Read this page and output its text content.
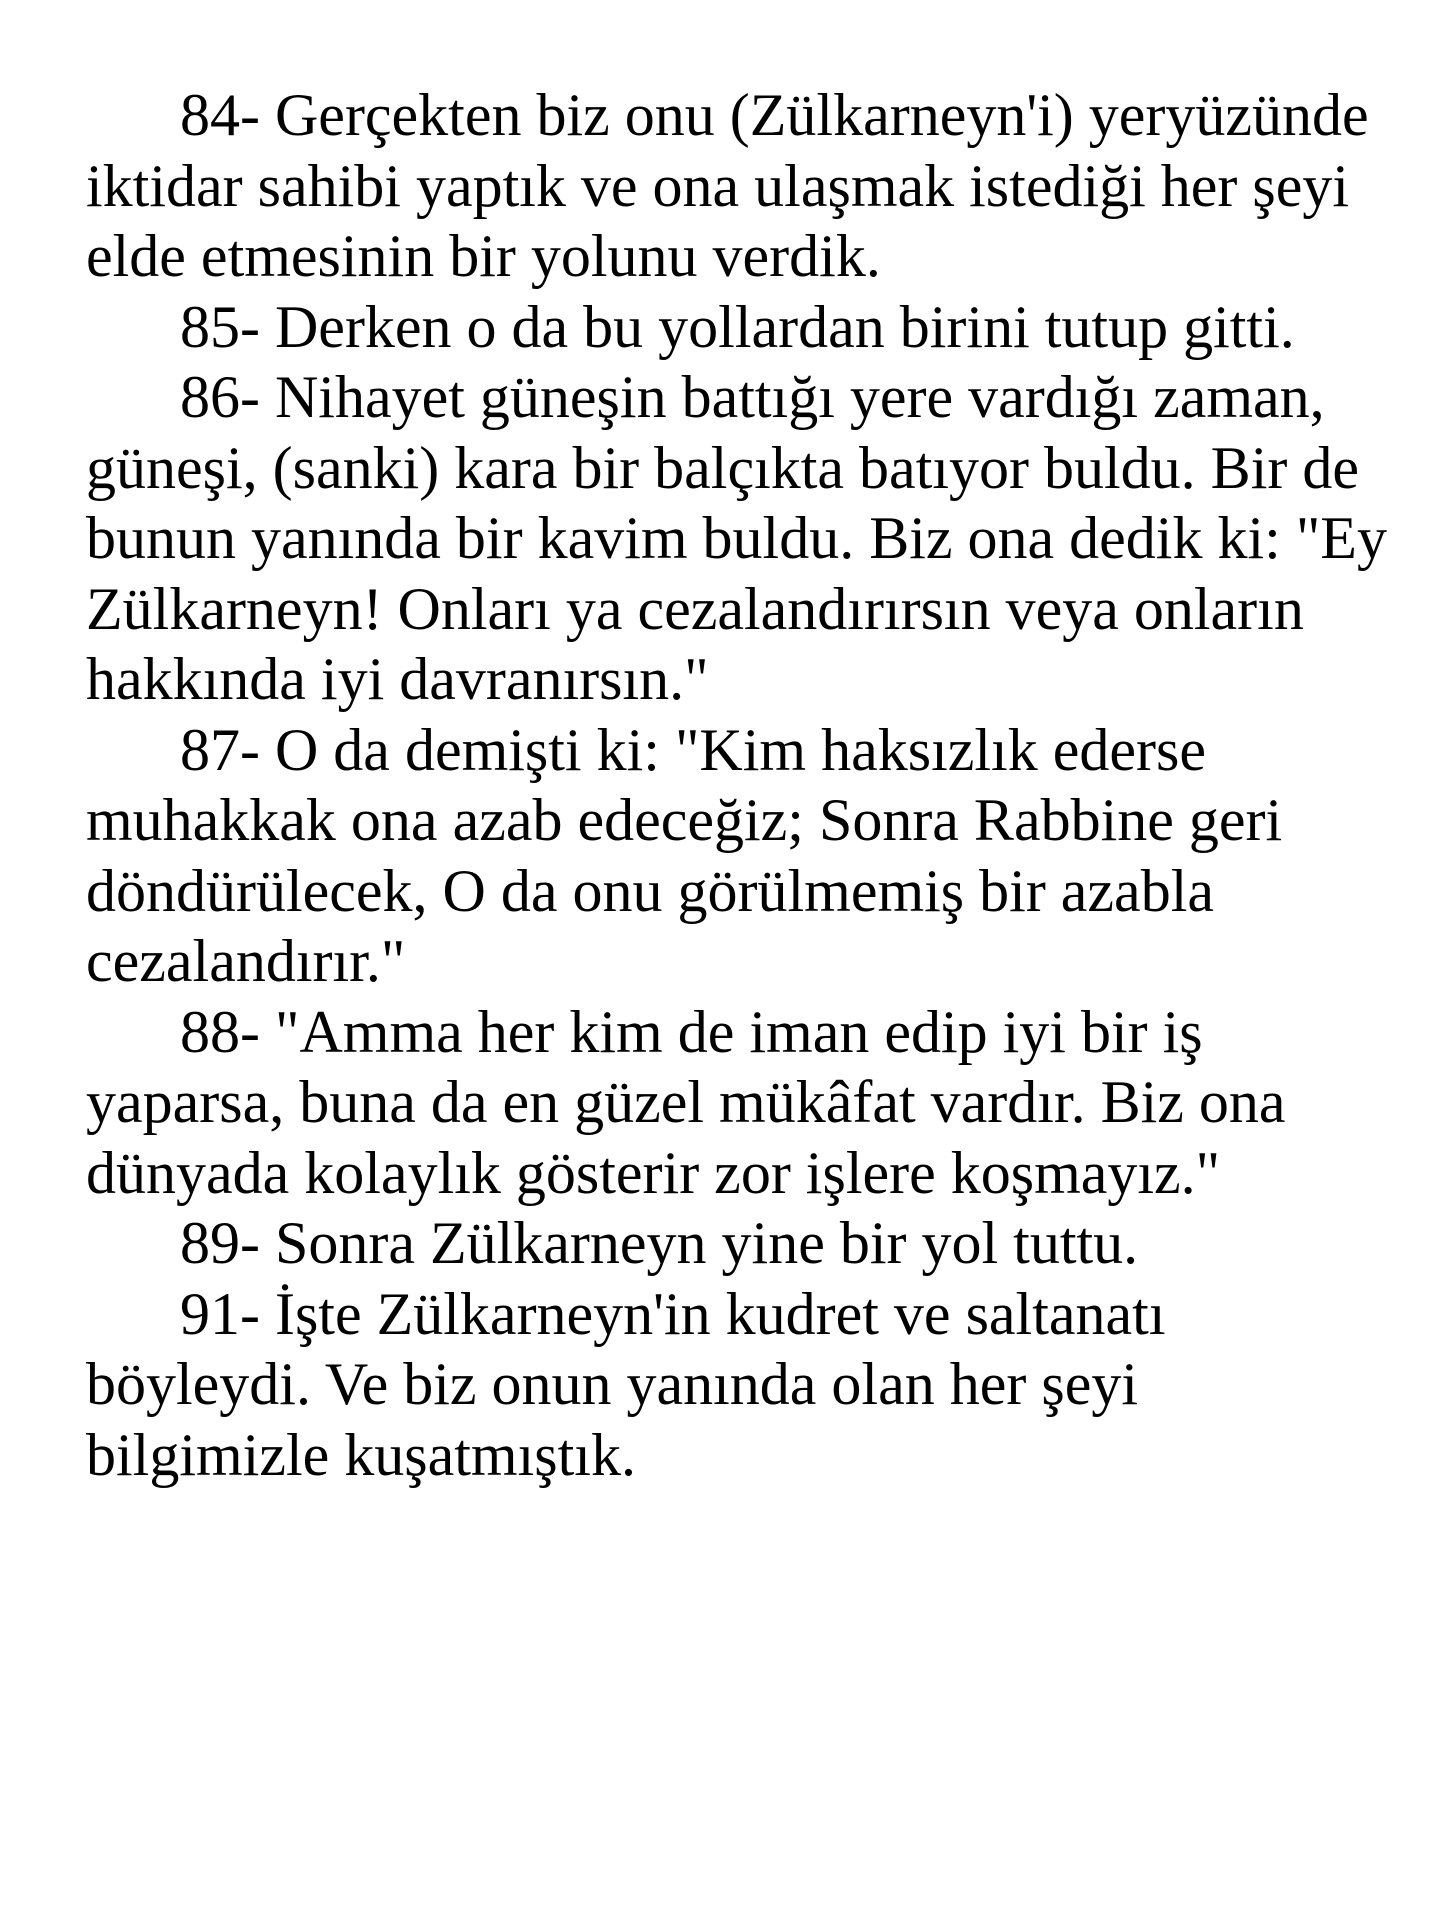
84- Gerçekten biz onu (Zülkarneyn'i) yeryüzünde iktidar sahibi yaptık ve ona ulaşmak istediği her şeyi elde etmesinin bir yolunu verdik.

85- Derken o da bu yollardan birini tutup gitti.

86- Nihayet güneşin battığı yere vardığı zaman, güneşi, (sanki) kara bir balçıkta batıyor buldu. Bir de bunun yanında bir kavim buldu. Biz ona dedik ki: "Ey Zülkarneyn! Onları ya cezalandırırsın veya onların hakkında iyi davranırsın."

87- O da demişti ki: "Kim haksızlık ederse muhakkak ona azab edeceğiz; Sonra Rabbine geri döndürülecek, O da onu görülmemiş bir azabla cezalandırır."

88- "Amma her kim de iman edip iyi bir iş yaparsa, buna da en güzel mükâfat vardır. Biz ona dünyada kolaylık gösterir zor işlere koşmayız."

89- Sonra Zülkarneyn yine bir yol tuttu.

91- İşte Zülkarneyn'in kudret ve saltanatı böyleydi. Ve biz onun yanında olan her şeyi bilgimizle kuşatmıştık.
